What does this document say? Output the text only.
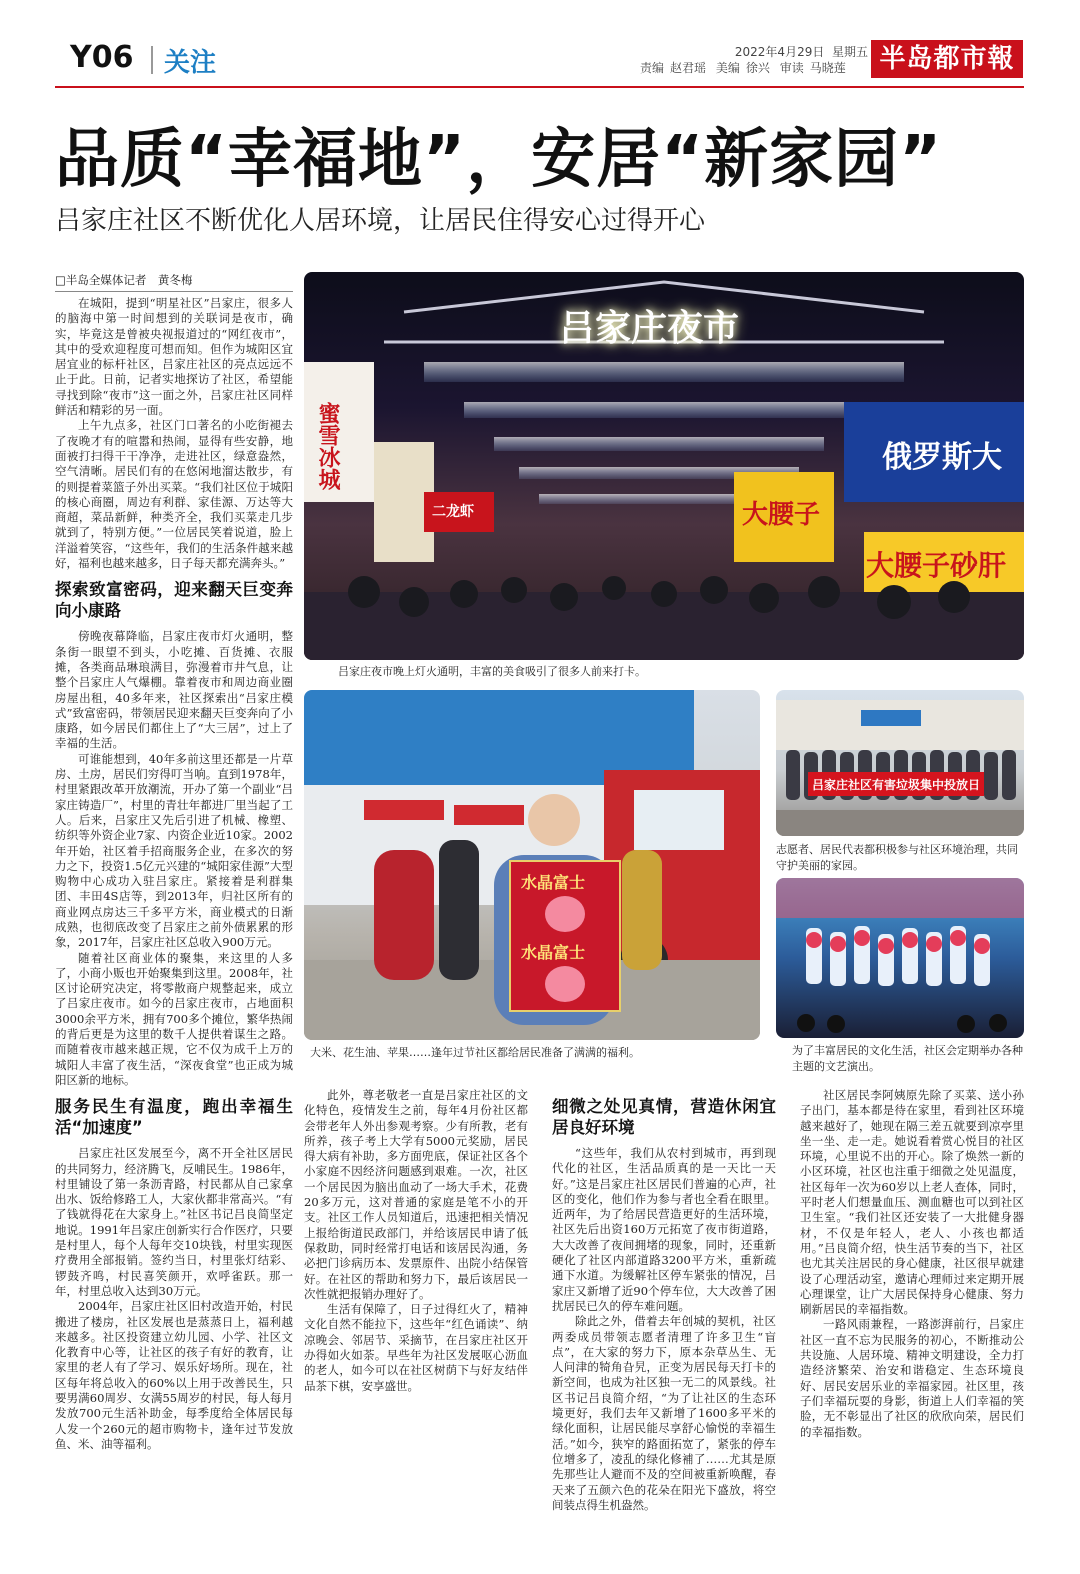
Y06 关注	2022年4月29日 星期五
责编 赵君瑶 美编 徐兴 审读 马晓莲	半岛都市報
品质“幸福地”，安居“新家园”
吕家庄社区不断优化人居环境，让居民住得安心过得开心
□半岛全媒体记者　黄冬梅

在城阳，提到“明星社区”吕家庄，很多人的脑海中第一时间想到的关联词是夜市，确实，毕竟这是曾被央视报道过的“网红夜市”，其中的受欢迎程度可想而知。但作为城阳区宜居宜业的标杆社区，吕家庄社区的亮点远远不止于此。日前，记者实地探访了社区，希望能寻找到除“夜市”这一面之外，吕家庄社区同样鲜活和精彩的另一面。

上午九点多，社区门口著名的小吃街褪去了夜晚才有的喧嚣和热闹，显得有些安静，地面被打扫得干干净净，走进社区，绿意盎然，空气清晰。居民们有的在悠闲地溜达散步，有的则提着菜篮子外出买菜。“我们社区位于城阳的核心商圈，周边有利群、家佳源、万达等大商超，菜品新鲜，种类齐全，我们买菜走几步就到了，特别方便。”一位居民笑着说道，脸上洋溢着笑容，“这些年，我们的生活条件越来越好，福利也越来越多，日子每天都充满奔头。”

探索致富密码，迎来翻天巨变奔向小康路

傍晚夜幕降临，吕家庄夜市灯火通明，整条街一眼望不到头，小吃摊、百货摊、衣服摊，各类商品琳琅满目，弥漫着市井气息，让整个吕家庄人气爆棚。靠着夜市和周边商业圈房屋出租，40多年来，社区探索出“吕家庄模式”致富密码，带领居民迎来翻天巨变奔向了小康路，如今居民们都住上了“大三居”，过上了幸福的生活。

可谁能想到，40年多前这里还都是一片草房、土房，居民们穷得叮当响。直到1978年，村里紧跟改革开放潮流，开办了第一个副业“吕家庄铸造厂”，村里的青壮年都进厂里当起了工人。后来，吕家庄又先后引进了机械、橡塑、纺织等外资企业7家、内资企业近10家。2002年开始，社区着手招商服务企业，在多次的努力之下，投资1.5亿元兴建的“城阳家佳源”大型购物中心成功入驻吕家庄。紧接着是利群集团、丰田4S店等，到2013年，归社区所有的商业网点房达三千多平方米，商业模式的日渐成熟，也彻底改变了吕家庄之前外债累累的形象，2017年，吕家庄社区总收入900万元。

随着社区商业体的聚集，来这里的人多了，小商小贩也开始聚集到这里。2008年，社区讨论研究决定，将零散商户规整起来，成立了吕家庄夜市。如今的吕家庄夜市，占地面积3000余平方米，拥有700多个摊位，繁华热闹的背后更是为这里的数千人提供着谋生之路。而随着夜市越来越正规，它不仅为成千上万的城阳人丰富了夜生活，“深夜食堂”也正成为城阳区新的地标。

服务民生有温度，跑出幸福生活“加速度”

吕家庄社区发展至今，离不开全社区居民的共同努力，经济腾飞，反哺民生。1986年，村里铺设了第一条沥青路，村民都从自己家拿出水、饭给修路工人，大家伙都非常高兴。“有了钱就得花在大家身上。”社区书记吕良简坚定地说。1991年吕家庄创新实行合作医疗，只要是村里人，每个人每年交10块钱，村里实现医疗费用全部报销。签约当日，村里张灯结彩、锣鼓齐鸣，村民喜笑颜开，欢呼雀跃。那一年，村里总收入达到30万元。

2004年，吕家庄社区旧村改造开始，村民搬进了楼房，社区发展也是蒸蒸日上，福利越来越多。社区投资建立幼儿园、小学、社区文化教育中心等，让社区的孩子有好的教育，让家里的老人有了学习、娱乐好场所。现在，社区每年将总收入的60%以上用于改善民生，只要男满60周岁、女满55周岁的村民，每人每月发放700元生活补助金，每季度给全体居民每人发一个260元的超市购物卡，逢年过节发放鱼、米、油等福利。

此外，尊老敬老一直是吕家庄社区的文化特色，疫情发生之前，每年4月份社区都会带老年人外出参观考察。少有所教，老有所养，孩子考上大学有5000元奖励，居民得大病有补助，多方面兜底，保证社区各个小家庭不因经济问题感到艰难。一次，社区一个居民因为脑出血动了一场大手术，花费20多万元，这对普通的家庭是笔不小的开支。社区工作人员知道后，迅速把相关情况上报给街道民政部门，并给该居民申请了低保救助，同时经常打电话和该居民沟通，务必把门诊病历本、发票原件、出院小结保管好。在社区的帮助和努力下，最后该居民一次性就把报销办理好了。

生活有保障了，日子过得红火了，精神文化自然不能拉下，这些年“红色诵读”、纳凉晚会、邻居节、采摘节，在吕家庄社区开办得如火如荼。早些年为社区发展呕心沥血的老人，如今可以在社区树荫下与好友结伴品茶下棋，安享盛世。

细微之处见真情，营造休闲宜居良好环境

“这些年，我们从农村到城市，再到现代化的社区，生活品质真的是一天比一天好。”这是吕家庄社区居民们普遍的心声，社区的变化，他们作为参与者也全看在眼里。近两年，为了给居民营造更好的生活环境，社区先后出资160万元拓宽了夜市街道路，大大改善了夜间拥堵的现象，同时，还重新硬化了社区内部道路3200平方米，重新疏通下水道。为缓解社区停车紧张的情况，吕家庄又新增了近90个停车位，大大改善了困扰居民已久的停车难问题。

除此之外，借着去年创城的契机，社区两委成员带领志愿者清理了许多卫生“盲点”，在大家的努力下，原本杂草丛生、无人问津的犄角旮旯，正变为居民每天打卡的新空间，也成为社区独一无二的风景线。社区书记吕良简介绍，“为了让社区的生态环境更好，我们去年又新增了1600多平米的绿化面积，让居民能尽享舒心愉悦的幸福生活。”如今，狭窄的路面拓宽了，紧张的停车位增多了，凌乱的绿化修補了……尤其是原先那些让人避而不及的空间被重新唤醒，春天来了五颜六色的花朵在阳光下盛放，将空间装点得生机盎然。

社区居民李阿姨原先除了买菜、送小孙子出门，基本都是待在家里，看到社区环境越来越好了，她现在隔三差五就要到凉亭里坐一坐、走一走。她说看着赏心悦目的社区环境，心里说不出的开心。除了焕然一新的小区环境，社区也注重于细微之处见温度，社区每年一次为60岁以上老人查体，同时，平时老人们想量血压、测血糖也可以到社区卫生室。“我们社区还安装了一大批健身器材，不仅是年轻人，老人、小孩也都适用。”吕良简介绍，快生活节奏的当下，社区也尤其关注居民的身心健康，社区很早就建设了心理活动室，邀请心理师过来定期开展心理课堂，让广大居民保持身心健康、努力刷新居民的幸福指数。

一路风雨兼程，一路澎湃前行，吕家庄社区一直不忘为民服务的初心，不断推动公共设施、人居环境、精神文明建设，全力打造经济繁荣、治安和谐稳定、生态环境良好、居民安居乐业的幸福家园。社区里，孩子们幸福玩耍的身影，街道上人们幸福的笑脸，无不彰显出了社区的欣欣向荣，居民们的幸福指数。

吕家庄夜市
蜜雪冰城	俄罗斯大
大腰子砂肝
大腰子
二龙虾
吕家庄夜市晚上灯火通明，丰富的美食吸引了很多人前来打卡。
水晶富士
水晶富士
大米、花生油、苹果……逢年过节社区都给居民准备了满满的福利。
吕家庄社区有害垃圾集中投放日
志愿者、居民代表都积极参与社区环境治理，共同守护美丽的家园。
为了丰富居民的文化生活，社区会定期举办各种主题的文艺演出。
